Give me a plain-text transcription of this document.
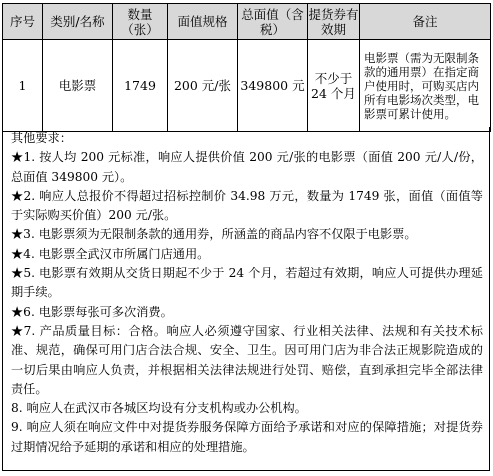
序号	类别/名称	数量（张）	面值规格	总面值（含税）	提货券有效期	备注
1	电影票	1749	200 元/张	349800 元	不少于 24 个月	电影票（需为无限制条款的通用票）在指定商户使用时，可购买店内所有电影场次类型，电影票可累计使用。

其他要求：

★1. 按人均 200 元标准，响应人提供价值 200 元/张的电影票（面值 200 元/人/份，总面值 349800 元）。

★2. 响应人总报价不得超过招标控制价 34.98 万元，数量为 1749 张，面值（面值等于实际购买价值）200 元/张。

★3. 电影票须为无限制条款的通用券，所涵盖的商品内容不仅限于电影票。

★4. 电影票全武汉市所属门店通用。

★5. 电影票有效期从交货日期起不少于 24 个月，若超过有效期，响应人可提供办理延期手续。

★6. 电影票每张可多次消费。

★7. 产品质量目标：合格。响应人必须遵守国家、行业相关法律、法规和有关技术标准、规范，确保可用门店合法合规、安全、卫生。因可用门店为非合法正规影院造成的一切后果由响应人负责，并根据相关法律法规进行处罚、赔偿，直到承担完毕全部法律责任。

8. 响应人在武汉市各城区均设有分支机构或办公机构。

9. 响应人须在响应文件中对提货券服务保障方面给予承诺和对应的保障措施；对提货券过期情况给予延期的承诺和相应的处理措施。
